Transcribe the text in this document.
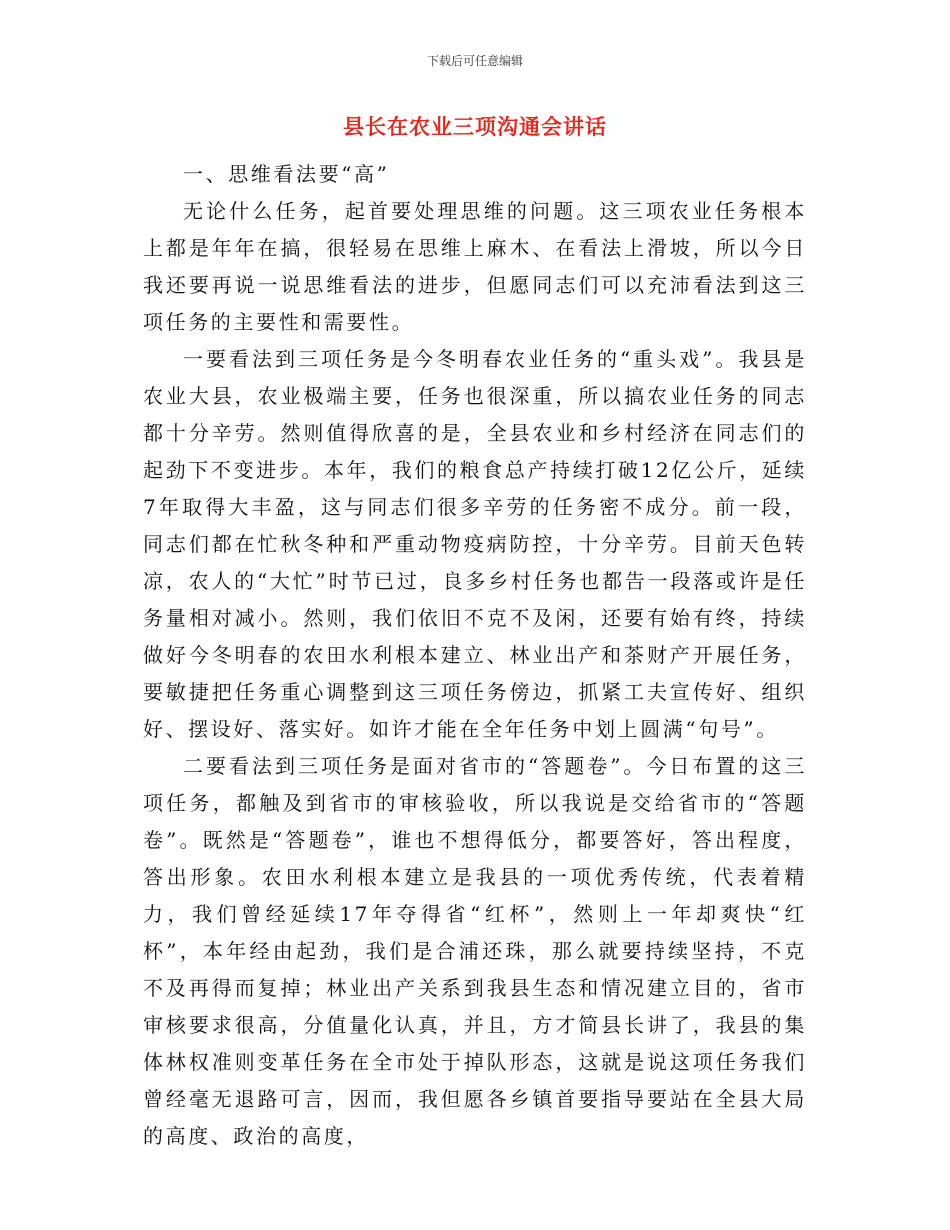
下载后可任意编辑
县长在农业三项沟通会讲话

一、思维看法要“高”

无论什么任务，起首要处理思维的问题。这三项农业任务根本上都是年年在搞，很轻易在思维上麻木、在看法上滑坡，所以今日我还要再说一说思维看法的进步，但愿同志们可以充沛看法到这三项任务的主要性和需要性。

一要看法到三项任务是今冬明春农业任务的“重头戏”。我县是农业大县，农业极端主要，任务也很深重，所以搞农业任务的同志都十分辛劳。然则值得欣喜的是，全县农业和乡村经济在同志们的起劲下不变进步。本年，我们的粮食总产持续打破12亿公斤，延续7年取得大丰盈，这与同志们很多辛劳的任务密不成分。前一段，同志们都在忙秋冬种和严重动物疫病防控，十分辛劳。目前天色转凉，农人的“大忙”时节已过，良多乡村任务也都告一段落或许是任务量相对减小。然则，我们依旧不克不及闲，还要有始有终，持续做好今冬明春的农田水利根本建立、林业出产和茶财产开展任务，要敏捷把任务重心调整到这三项任务傍边，抓紧工夫宣传好、组织好、摆设好、落实好。如许才能在全年任务中划上圆满“句号”。

二要看法到三项任务是面对省市的“答题卷”。今日布置的这三项任务，都触及到省市的审核验收，所以我说是交给省市的“答题卷”。既然是“答题卷”，谁也不想得低分，都要答好，答出程度，答出形象。农田水利根本建立是我县的一项优秀传统，代表着精力，我们曾经延续17年夺得省“红杯”，然则上一年却爽快“红杯”，本年经由起劲，我们是合浦还珠，那么就要持续坚持，不克不及再得而复掉；林业出产关系到我县生态和情况建立目的，省市审核要求很高，分值量化认真，并且，方才简县长讲了，我县的集体林权准则变革任务在全市处于掉队形态，这就是说这项任务我们曾经毫无退路可言，因而，我但愿各乡镇首要指导要站在全县大局的高度、政治的高度，
